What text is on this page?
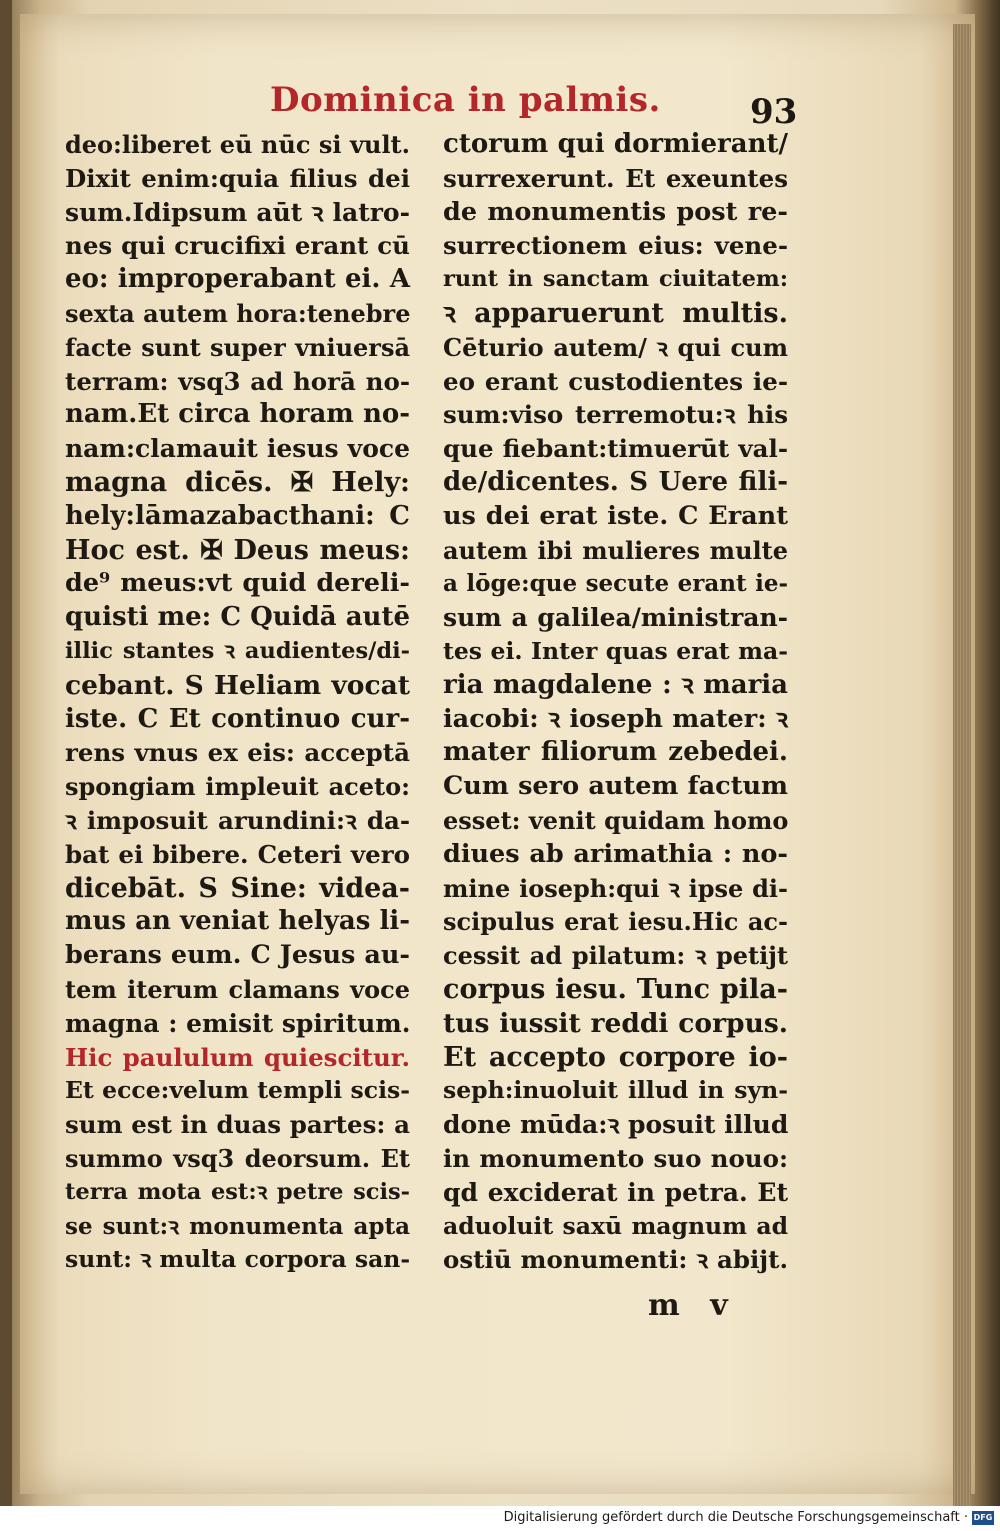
Dominica in palmis.	93
deo:liberet eū nūc si vult.
Dixit enim:quia filius dei
sum.Idipsum aūt ꝛ latro-
nes qui crucifixi erant cū
eo: improperabant ei. A
sexta autem hora:tenebre
facte sunt super vniuersā
terram: vsq3 ad horā no-
nam.Et circa horam no-
nam:clamauit iesus voce
magna dicēs. ✠ Hely:
hely:lāmazabacthani: C
Hoc est. ✠ Deus meus:
de⁹ meus:vt quid dereli-
quisti me: C Quidā autē
illic stantes ꝛ audientes/di-
cebant. S Heliam vocat
iste. C Et continuo cur-
rens vnus ex eis: acceptā
spongiam impleuit aceto:
ꝛ imposuit arundini:ꝛ da-
bat ei bibere. Ceteri vero
dicebāt. S Sine: videa-
mus an veniat helyas li-
berans eum. C Jesus au-
tem iterum clamans voce
magna : emisit spiritum.
Hic paululum quiescitur.
Et ecce:velum templi scis-
sum est in duas partes: a
summo vsq3 deorsum. Et
terra mota est:ꝛ petre scis-
se sunt:ꝛ monumenta apta
sunt: ꝛ multa corpora san-
ctorum qui dormierant/
surrexerunt. Et exeuntes
de monumentis post re-
surrectionem eius: vene-
runt in sanctam ciuitatem:
ꝛ apparuerunt multis.
Cēturio autem/ ꝛ qui cum
eo erant custodientes ie-
sum:viso terremotu:ꝛ his
que fiebant:timuerūt val-
de/dicentes. S Uere fili-
us dei erat iste. C Erant
autem ibi mulieres multe
a lōge:que secute erant ie-
sum a galilea/ministran-
tes ei. Inter quas erat ma-
ria magdalene : ꝛ maria
iacobi: ꝛ ioseph mater: ꝛ
mater filiorum zebedei.
Cum sero autem factum
esset: venit quidam homo
diues ab arimathia : no-
mine ioseph:qui ꝛ ipse di-
scipulus erat iesu.Hic ac-
cessit ad pilatum: ꝛ petijt
corpus iesu. Tunc pila-
tus iussit reddi corpus.
Et accepto corpore io-
seph:inuoluit illud in syn-
done mūda:ꝛ posuit illud
in monumento suo nouo:
qd exciderat in petra. Et
aduoluit saxū magnum ad
ostiū monumenti: ꝛ abijt.
m v
Digitalisierung gefördert durch die Deutsche Forschungsgemeinschaft · DFG
